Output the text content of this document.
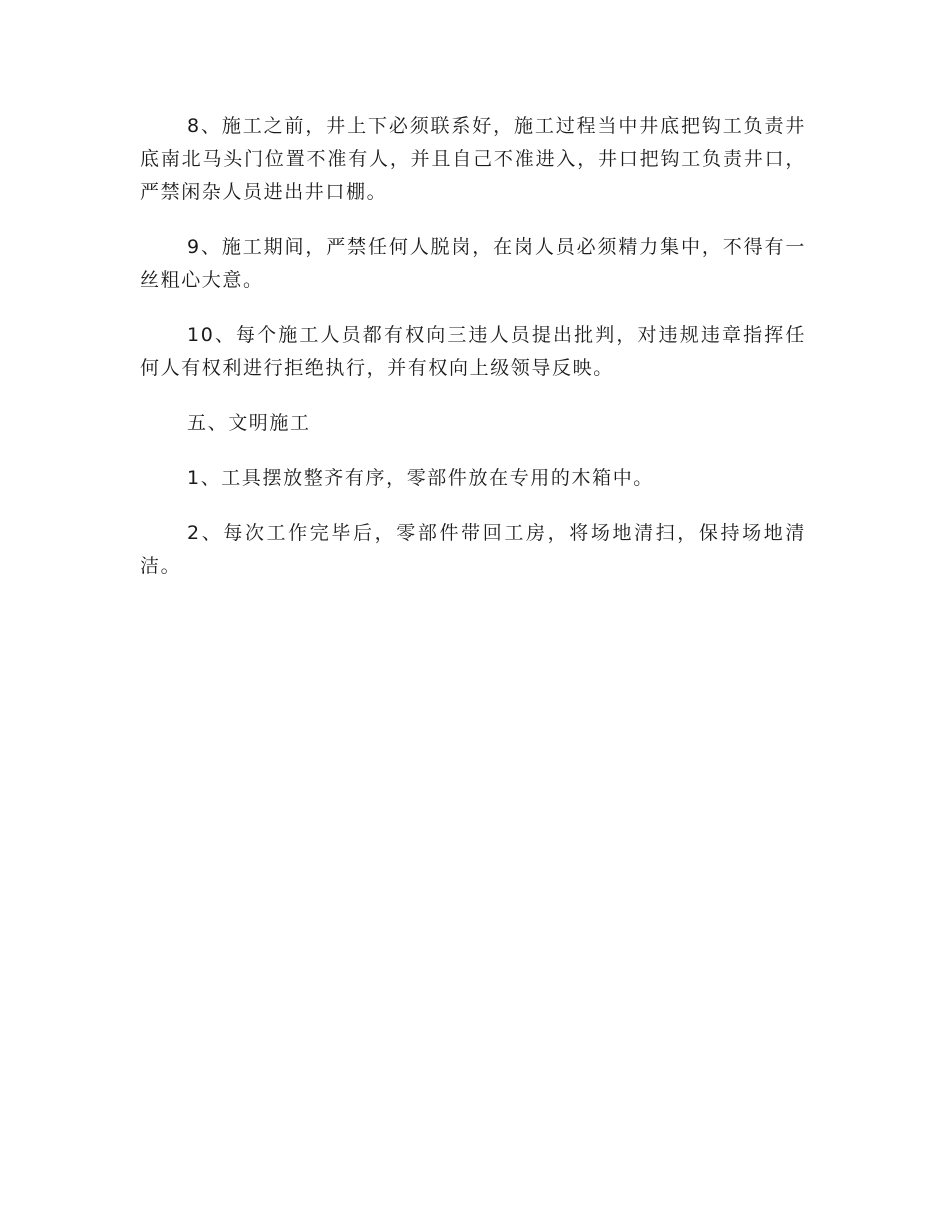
8、施工之前，井上下必须联系好，施工过程当中井底把钩工负责井底南北马头门位置不准有人，并且自己不准进入，井口把钩工负责井口，严禁闲杂人员进出井口棚。

9、施工期间，严禁任何人脱岗，在岗人员必须精力集中，不得有一丝粗心大意。

10、每个施工人员都有权向三违人员提出批判，对违规违章指挥任何人有权利进行拒绝执行，并有权向上级领导反映。

五、文明施工

1、工具摆放整齐有序，零部件放在专用的木箱中。

2、每次工作完毕后，零部件带回工房，将场地清扫，保持场地清洁。
